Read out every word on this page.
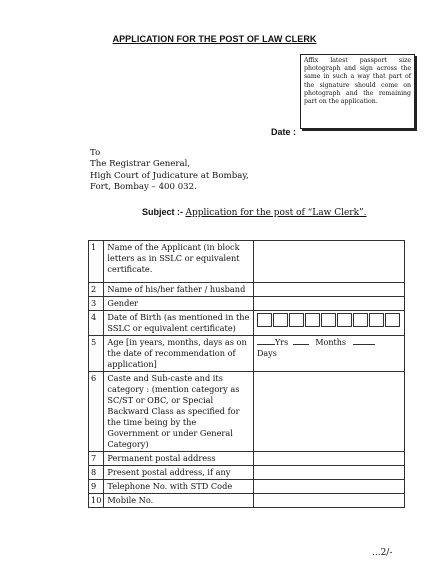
APPLICATION FOR THE POST OF LAW CLERK
Affix latest passport size photograph and sign across the same in such a way that part of the signature should come on photograph and the remaining part on the application.
Date :
To
The Registrar General,
High Court of Judicature at Bombay,
Fort, Bombay – 400 032.
Subject :- Application for the post of “Law Clerk”.
1	Name of the Applicant (in block letters as in SSLC or equivalent certificate.	
2	Name of his/her father / husband	
3	Gender	
4	Date of Birth (as mentioned in the SSLC or equivalent certificate)	

5	Age [in years, months, days as on the date of recommendation of application]	Yrs Months
Days
6	Caste and Sub-caste and its category : (mention category as SC/ST or OBC, or Special Backward Class as specified for the time being by the Government or under General Category)	
7	Permanent postal address	
8	Present postal address, if any	
9	Telephone No. with STD Code	
10	Mobile No.	
...2/-
